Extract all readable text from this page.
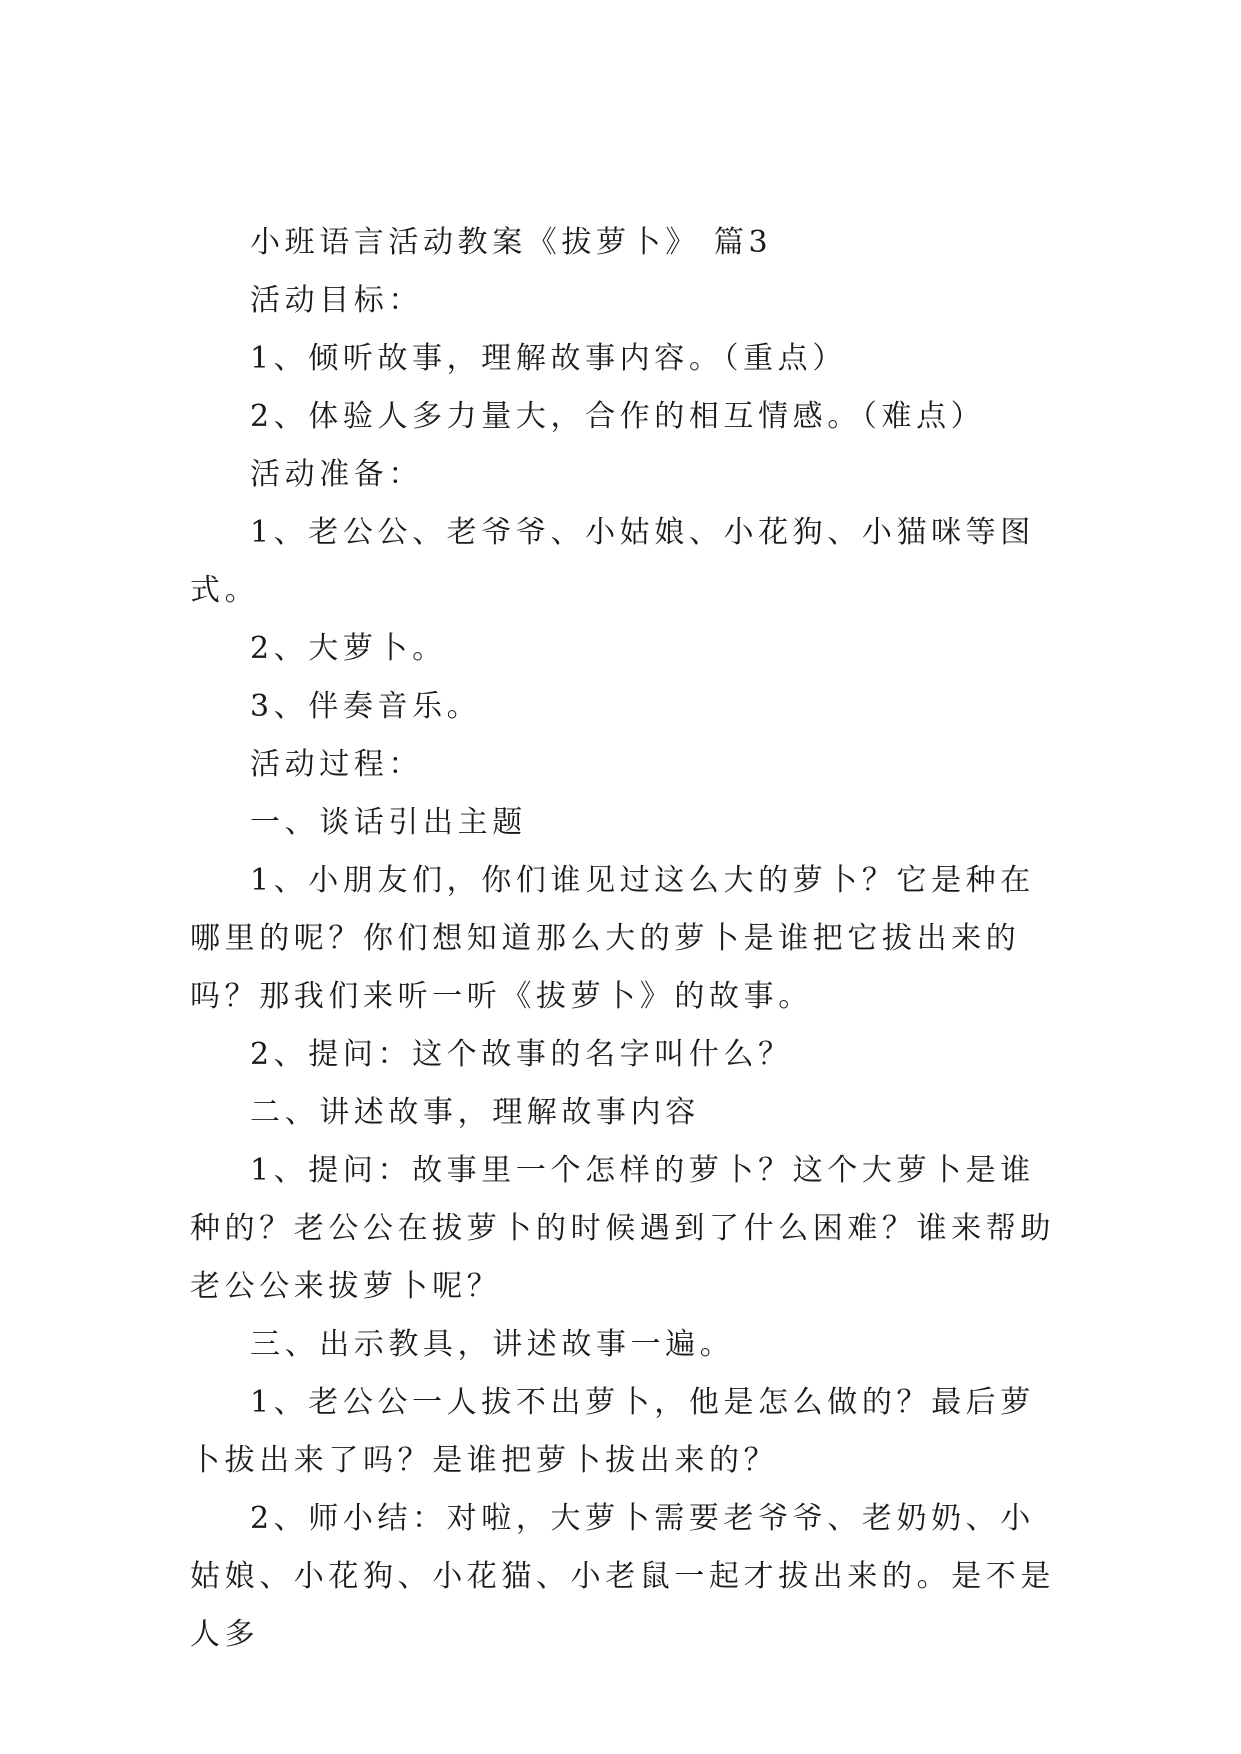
小班语言活动教案《拔萝卜》 篇3

活动目标：

1、倾听故事，理解故事内容。（重点）

2、体验人多力量大，合作的相互情感。（难点）

活动准备：

1、老公公、老爷爷、小姑娘、小花狗、小猫咪等图式。

2、大萝卜。

3、伴奏音乐。

活动过程：

一、谈话引出主题

1、小朋友们，你们谁见过这么大的萝卜？它是种在哪里的呢？你们想知道那么大的萝卜是谁把它拔出来的吗？那我们来听一听《拔萝卜》的故事。

2、提问：这个故事的名字叫什么？

二、讲述故事，理解故事内容

1、提问：故事里一个怎样的萝卜？这个大萝卜是谁种的？老公公在拔萝卜的时候遇到了什么困难？谁来帮助老公公来拔萝卜呢？

三、出示教具，讲述故事一遍。

1、老公公一人拔不出萝卜，他是怎么做的？最后萝卜拔出来了吗？是谁把萝卜拔出来的？

2、师小结：对啦，大萝卜需要老爷爷、老奶奶、小姑娘、小花狗、小花猫、小老鼠一起才拔出来的。是不是人多
